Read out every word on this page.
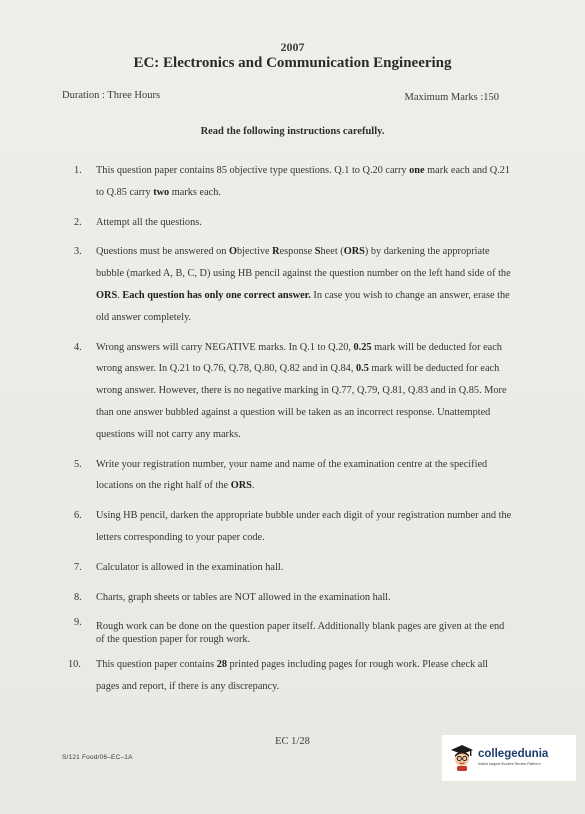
2007
EC: Electronics and Communication Engineering
Duration : Three Hours	Maximum Marks :150
Read the following instructions carefully.
1. This question paper contains 85 objective type questions. Q.1 to Q.20 carry one mark each and Q.21 to Q.85 carry two marks each.
2. Attempt all the questions.
3. Questions must be answered on Objective Response Sheet (ORS) by darkening the appropriate bubble (marked A, B, C, D) using HB pencil against the question number on the left hand side of the ORS. Each question has only one correct answer. In case you wish to change an answer, erase the old answer completely.
4. Wrong answers will carry NEGATIVE marks. In Q.1 to Q.20, 0.25 mark will be deducted for each wrong answer. In Q.21 to Q.76, Q.78, Q.80, Q.82 and in Q.84, 0.5 mark will be deducted for each wrong answer. However, there is no negative marking in Q.77, Q.79, Q.81, Q.83 and in Q.85. More than one answer bubbled against a question will be taken as an incorrect response. Unattempted questions will not carry any marks.
5. Write your registration number, your name and name of the examination centre at the specified locations on the right half of the ORS.
6. Using HB pencil, darken the appropriate bubble under each digit of your registration number and the letters corresponding to your paper code.
7. Calculator is allowed in the examination hall.
8. Charts, graph sheets or tables are NOT allowed in the examination hall.
9. Rough work can be done on the question paper itself. Additionally blank pages are given at the end of the question paper for rough work.
10. This question paper contains 28 printed pages including pages for rough work. Please check all pages and report, if there is any discrepancy.
EC 1/28
S/121 Food/06–EC–1A	collegedunia
India's largest Student Review Platform
